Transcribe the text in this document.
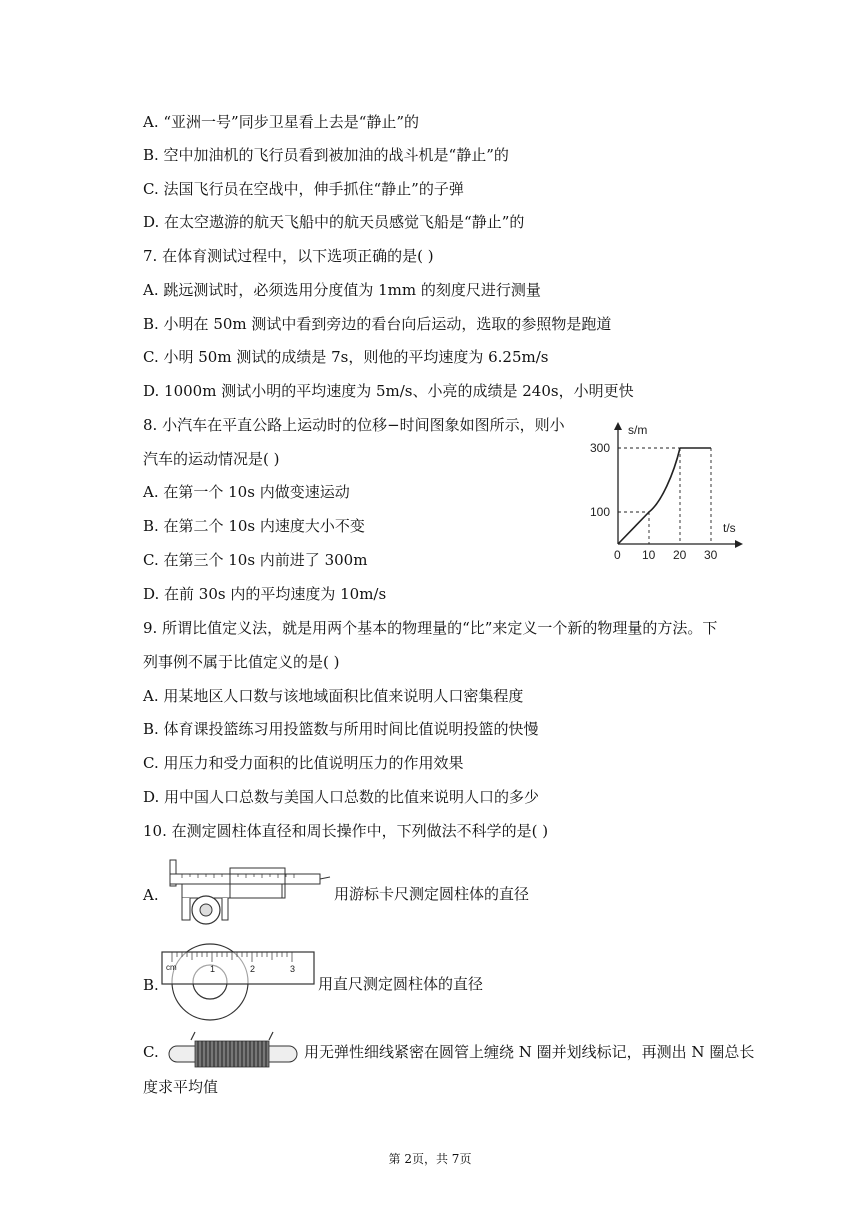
A. “亚洲一号”同步卫星看上去是“静止”的
B. 空中加油机的飞行员看到被加油的战斗机是“静止”的
C. 法国飞行员在空战中，伸手抓住“静止”的子弹
D. 在太空遨游的航天飞船中的航天员感觉飞船是“静止”的
7. 在体育测试过程中，以下选项正确的是( )
A. 跳远测试时，必须选用分度值为 1mm 的刻度尺进行测量
B. 小明在 50m 测试中看到旁边的看台向后运动，选取的参照物是跑道
C. 小明 50m 测试的成绩是 7s，则他的平均速度为 6.25m/s
D. 1000m 测试小明的平均速度为 5m/s、小亮的成绩是 240s，小明更快
8. 小汽车在平直公路上运动时的位移−时间图象如图所示，则小
汽车的运动情况是( )
A. 在第一个 10s 内做变速运动
B. 在第二个 10s 内速度大小不变
C. 在第三个 10s 内前进了 300m
D. 在前 30s 内的平均速度为 10m/s
s/m
t/s
0 10 20 30
100
300
9. 所谓比值定义法，就是用两个基本的物理量的“比”来定义一个新的物理量的方法。下
列事例不属于比值定义的是( )
A. 用某地区人口数与该地域面积比值来说明人口密集程度
B. 体育课投篮练习用投篮数与所用时间比值说明投篮的快慢
C. 用压力和受力面积的比值说明压力的作用效果
D. 用中国人口总数与美国人口总数的比值来说明人口的多少
10. 在测定圆柱体直径和周长操作中，下列做法不科学的是( )
A.	用游标卡尺测定圆柱体的直径
B.
cm	1	2	3
用直尺测定圆柱体的直径
C.	用无弹性细线紧密在圆管上缠绕 N 圈并划线标记，再测出 N 圈总长
度求平均值
第 2页，共 7页
